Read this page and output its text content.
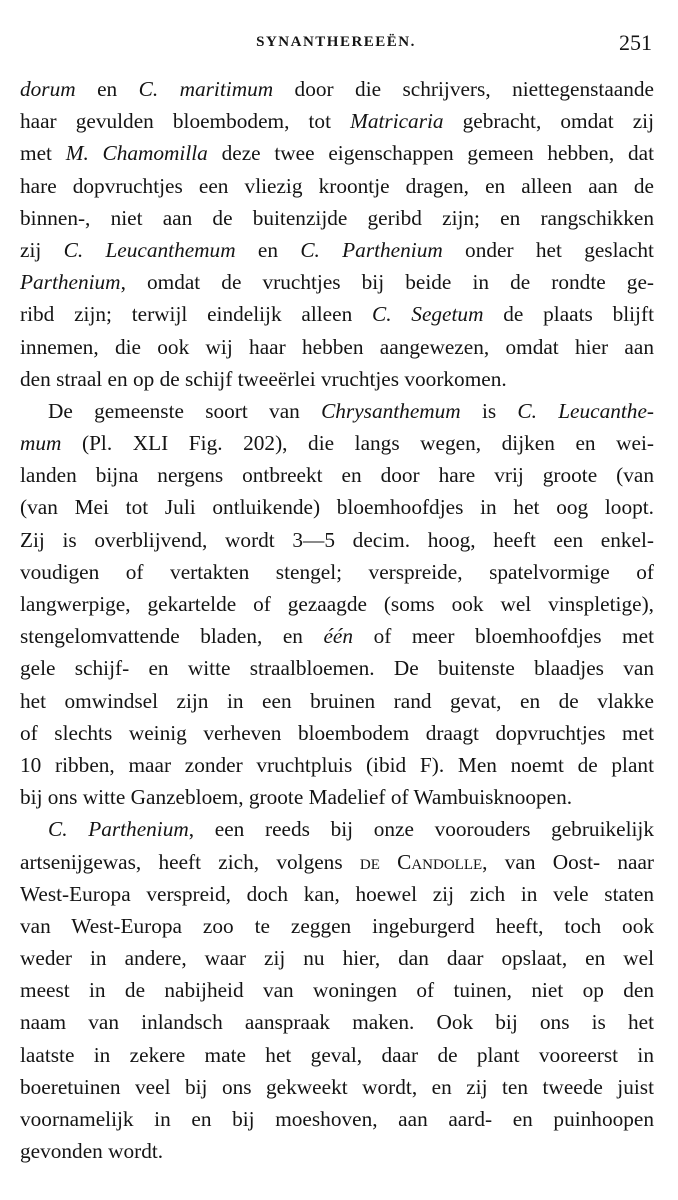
SYNANTHEREEËN.	251
dorum en C. maritimum door die schrijvers, niettegenstaande
haar gevulden bloembodem, tot Matricaria gebracht, omdat zij
met M. Chamomilla deze twee eigenschappen gemeen hebben, dat
hare dopvruchtjes een vliezig kroontje dragen, en alleen aan de
binnen-, niet aan de buitenzijde geribd zijn; en rangschikken
zij C. Leucanthemum en C. Parthenium onder het geslacht
Parthenium, omdat de vruchtjes bij beide in de rondte ge-
ribd zijn; terwijl eindelijk alleen C. Segetum de plaats blijft
innemen, die ook wij haar hebben aangewezen, omdat hier aan
den straal en op de schijf tweeërlei vruchtjes voorkomen.
De gemeenste soort van Chrysanthemum is C. Leucanthe-
mum (Pl. XLI Fig. 202), die langs wegen, dijken en wei-
landen bijna nergens ontbreekt en door hare vrij groote (van
(van Mei tot Juli ontluikende) bloemhoofdjes in het oog loopt.
Zij is overblijvend, wordt 3—5 decim. hoog, heeft een enkel-
voudigen of vertakten stengel; verspreide, spatelvormige of
langwerpige, gekartelde of gezaagde (soms ook wel vinspletige),
stengelomvattende bladen, en één of meer bloemhoofdjes met
gele schijf- en witte straalbloemen. De buitenste blaadjes van
het omwindsel zijn in een bruinen rand gevat, en de vlakke
of slechts weinig verheven bloembodem draagt dopvruchtjes met
10 ribben, maar zonder vruchtpluis (ibid F). Men noemt de plant
bij ons witte Ganzebloem, groote Madelief of Wambuisknoopen.
C. Parthenium, een reeds bij onze voorouders gebruikelijk
artsenijgewas, heeft zich, volgens de Candolle, van Oost- naar
West-Europa verspreid, doch kan, hoewel zij zich in vele staten
van West-Europa zoo te zeggen ingeburgerd heeft, toch ook
weder in andere, waar zij nu hier, dan daar opslaat, en wel
meest in de nabijheid van woningen of tuinen, niet op den
naam van inlandsch aanspraak maken. Ook bij ons is het
laatste in zekere mate het geval, daar de plant vooreerst in
boeretuinen veel bij ons gekweekt wordt, en zij ten tweede juist
voornamelijk in en bij moeshoven, aan aard- en puinhoopen
gevonden wordt.
